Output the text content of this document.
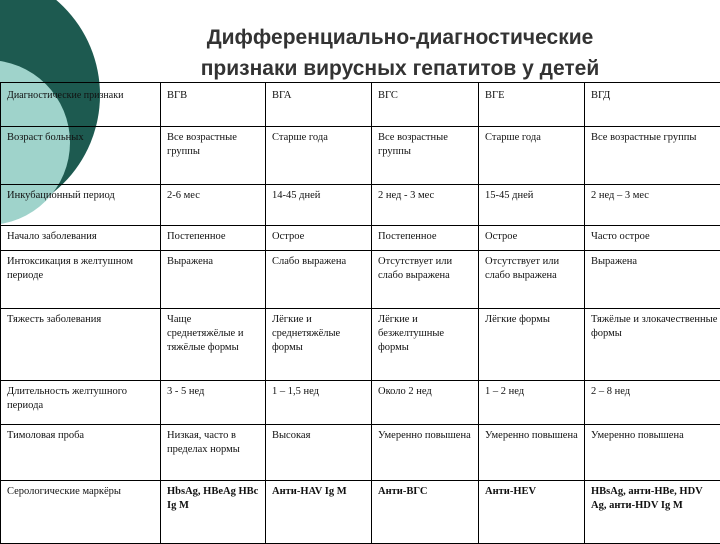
Дифференциально-диагностические
признаки вирусных гепатитов у детей
Диагностические признаки	ВГВ	ВГА	ВГС	ВГЕ	ВГД
Возраст больных	Все возрастные группы	Старше года	Все возрастные группы	Старше года	Все возрастные группы
Инкубационный период	2-6 мес	14-45 дней	2 нед - 3 мес	15-45 дней	2 нед – 3 мес
Начало заболевания	Постепенное	Острое	Постепенное	Острое	Часто острое
Интоксикация в желтушном периоде	Выражена	Слабо выражена	Отсутствует или слабо выражена	Отсутствует или слабо выражена	Выражена
Тяжесть заболевания	Чаще среднетяжёлые и тяжёлые формы	Лёгкие и среднетяжёлые формы	Лёгкие и безжелтушные формы	Лёгкие формы	Тяжёлые и злокачественные формы
Длительность желтушного периода	3 - 5 нед	1 – 1,5 нед	Около 2 нед	1 – 2 нед	2 – 8 нед
Тимоловая проба	Низкая, часто в пределах нормы	Высокая	Умеренно повышена	Умеренно повышена	Умеренно повышена
Серологические маркёры	HbsAg, HBeAg HBc Ig M	Анти-HAV Ig M	Анти-ВГС	Анти-HEV	HBsAg, анти-HBe, HDV Ag, анти-HDV Ig M
